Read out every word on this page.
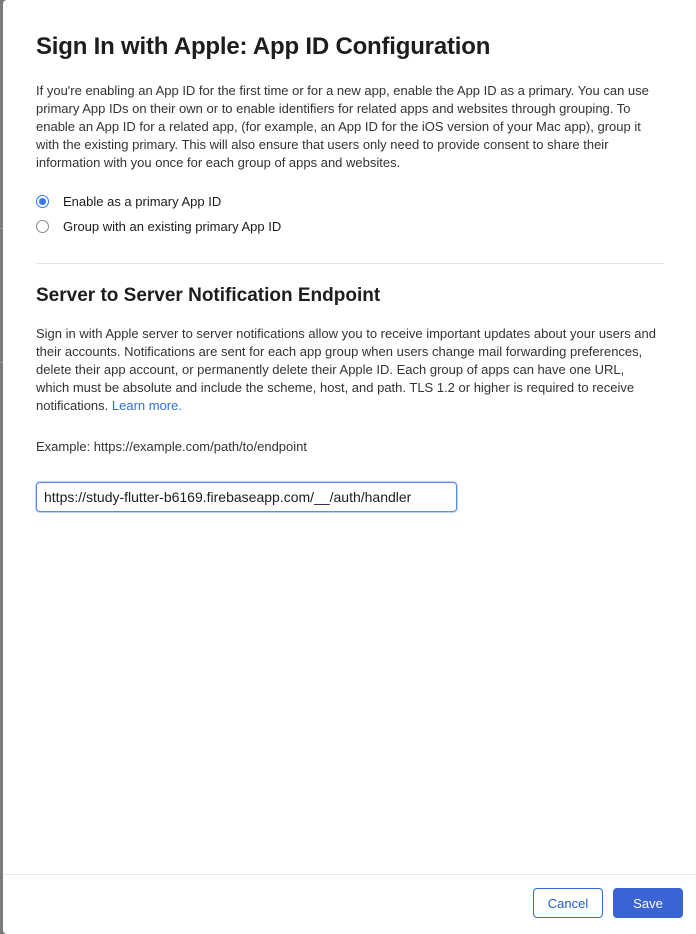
Sign In with Apple: App ID Configuration

If you're enabling an App ID for the first time or for a new app, enable the App ID as a primary. You can use primary App IDs on their own or to enable identifiers for related apps and websites through grouping. To enable an App ID for a related app, (for example, an App ID for the iOS version of your Mac app), group it with the existing primary. This will also ensure that users only need to provide consent to share their information with you once for each group of apps and websites.

Enable as a primary App ID
Group with an existing primary App ID
Server to Server Notification Endpoint

Sign in with Apple server to server notifications allow you to receive important updates about your users and their accounts. Notifications are sent for each app group when users change mail forwarding preferences, delete their app account, or permanently delete their Apple ID. Each group of apps can have one URL, which must be absolute and include the scheme, host, and path. TLS 1.2 or higher is required to receive notifications. Learn more.

Example: https://example.com/path/to/endpoint
https://study-flutter-b6169.firebaseapp.com/__/auth/handler
Cancel	Save
